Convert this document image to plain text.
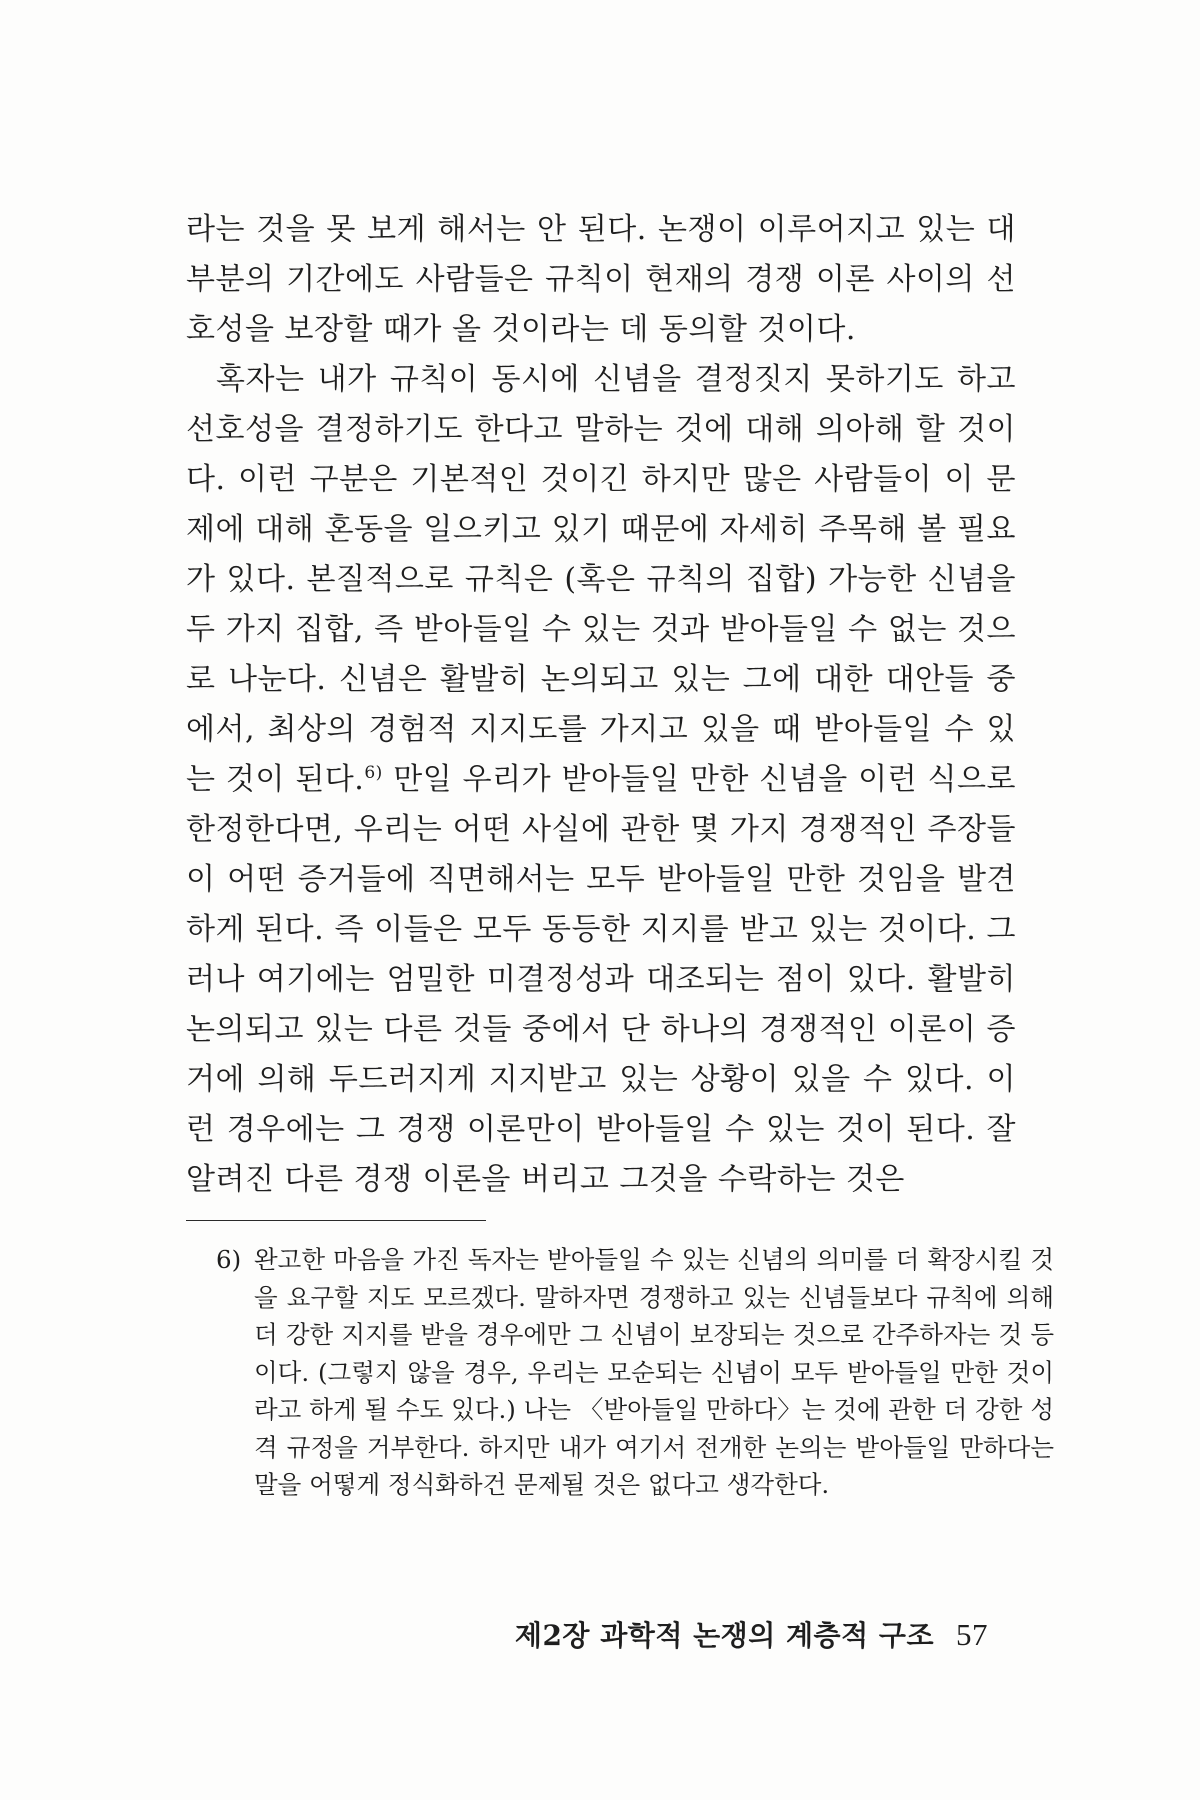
라는 것을 못 보게 해서는 안 된다. 논쟁이 이루어지고 있는 대부분의 기간에도 사람들은 규칙이 현재의 경쟁 이론 사이의 선호성을 보장할 때가 올 것이라는 데 동의할 것이다.

혹자는 내가 규칙이 동시에 신념을 결정짓지 못하기도 하고 선호성을 결정하기도 한다고 말하는 것에 대해 의아해 할 것이다. 이런 구분은 기본적인 것이긴 하지만 많은 사람들이 이 문제에 대해 혼동을 일으키고 있기 때문에 자세히 주목해 볼 필요가 있다. 본질적으로 규칙은 (혹은 규칙의 집합) 가능한 신념을 두 가지 집합, 즉 받아들일 수 있는 것과 받아들일 수 없는 것으로 나눈다. 신념은 활발히 논의되고 있는 그에 대한 대안들 중에서, 최상의 경험적 지지도를 가지고 있을 때 받아들일 수 있는 것이 된다.$^{6)}$ 만일 우리가 받아들일 만한 신념을 이런 식으로 한정한다면, 우리는 어떤 사실에 관한 몇 가지 경쟁적인 주장들이 어떤 증거들에 직면해서는 모두 받아들일 만한 것임을 발견하게 된다. 즉 이들은 모두 동등한 지지를 받고 있는 것이다. 그러나 여기에는 엄밀한 미결정성과 대조되는 점이 있다. 활발히 논의되고 있는 다른 것들 중에서 단 하나의 경쟁적인 이론이 증거에 의해 두드러지게 지지받고 있는 상황이 있을 수 있다. 이런 경우에는 그 경쟁 이론만이 받아들일 수 있는 것이 된다. 잘 알려진 다른 경쟁 이론을 버리고 그것을 수락하는 것은

6) 완고한 마음을 가진 독자는 받아들일 수 있는 신념의 의미를 더 확장시킬 것을 요구할 지도 모르겠다. 말하자면 경쟁하고 있는 신념들보다 규칙에 의해 더 강한 지지를 받을 경우에만 그 신념이 보장되는 것으로 간주하자는 것 등이다. (그렇지 않을 경우, 우리는 모순되는 신념이 모두 받아들일 만한 것이라고 하게 될 수도 있다.) 나는 〈받아들일 만하다〉는 것에 관한 더 강한 성격 규정을 거부한다. 하지만 내가 여기서 전개한 논의는 받아들일 만하다는 말을 어떻게 정식화하건 문제될 것은 없다고 생각한다.
제2장 과학적 논쟁의 계층적 구조 57
